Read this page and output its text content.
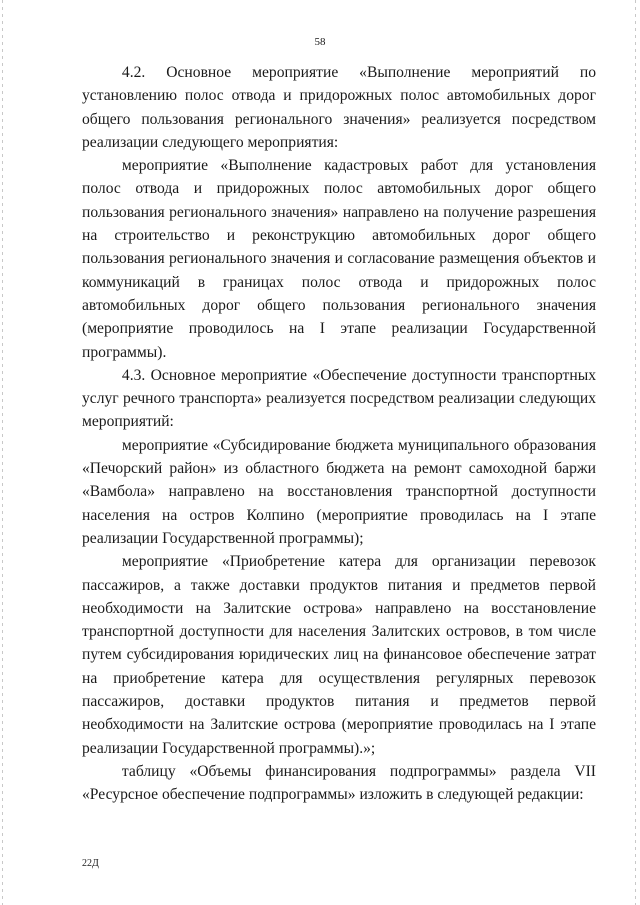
58

4.2. Основное мероприятие «Выполнение мероприятий по установлению полос отвода и придорожных полос автомобильных дорог общего пользования регионального значения» реализуется посредством реализации следующего мероприятия:

мероприятие «Выполнение кадастровых работ для установления полос отвода и придорожных полос автомобильных дорог общего пользования регионального значения» направлено на получение разрешения на строительство и реконструкцию автомобильных дорог общего пользования регионального значения и согласование размещения объектов и коммуникаций в границах полос отвода и придорожных полос автомобильных дорог общего пользования регионального значения (мероприятие проводилось на I этапе реализации Государственной программы).

4.3. Основное мероприятие «Обеспечение доступности транспортных услуг речного транспорта» реализуется посредством реализации следующих мероприятий:

мероприятие «Субсидирование бюджета муниципального образования «Печорский район» из областного бюджета на ремонт самоходной баржи «Вамбола» направлено на восстановления транспортной доступности населения на остров Колпино (мероприятие проводилась на I этапе реализации Государственной программы);

мероприятие «Приобретение катера для организации перевозок пассажиров, а также доставки продуктов питания и предметов первой необходимости на Залитские острова» направлено на восстановление транспортной доступности для населения Залитских островов, в том числе путем субсидирования юридических лиц на финансовое обеспечение затрат на приобретение катера для осуществления регулярных перевозок пассажиров, доставки продуктов питания и предметов первой необходимости на Залитские острова (мероприятие проводилась на I этапе реализации Государственной программы).»;

таблицу «Объемы финансирования подпрограммы» раздела VII «Ресурсное обеспечение подпрограммы» изложить в следующей редакции:

22Д
